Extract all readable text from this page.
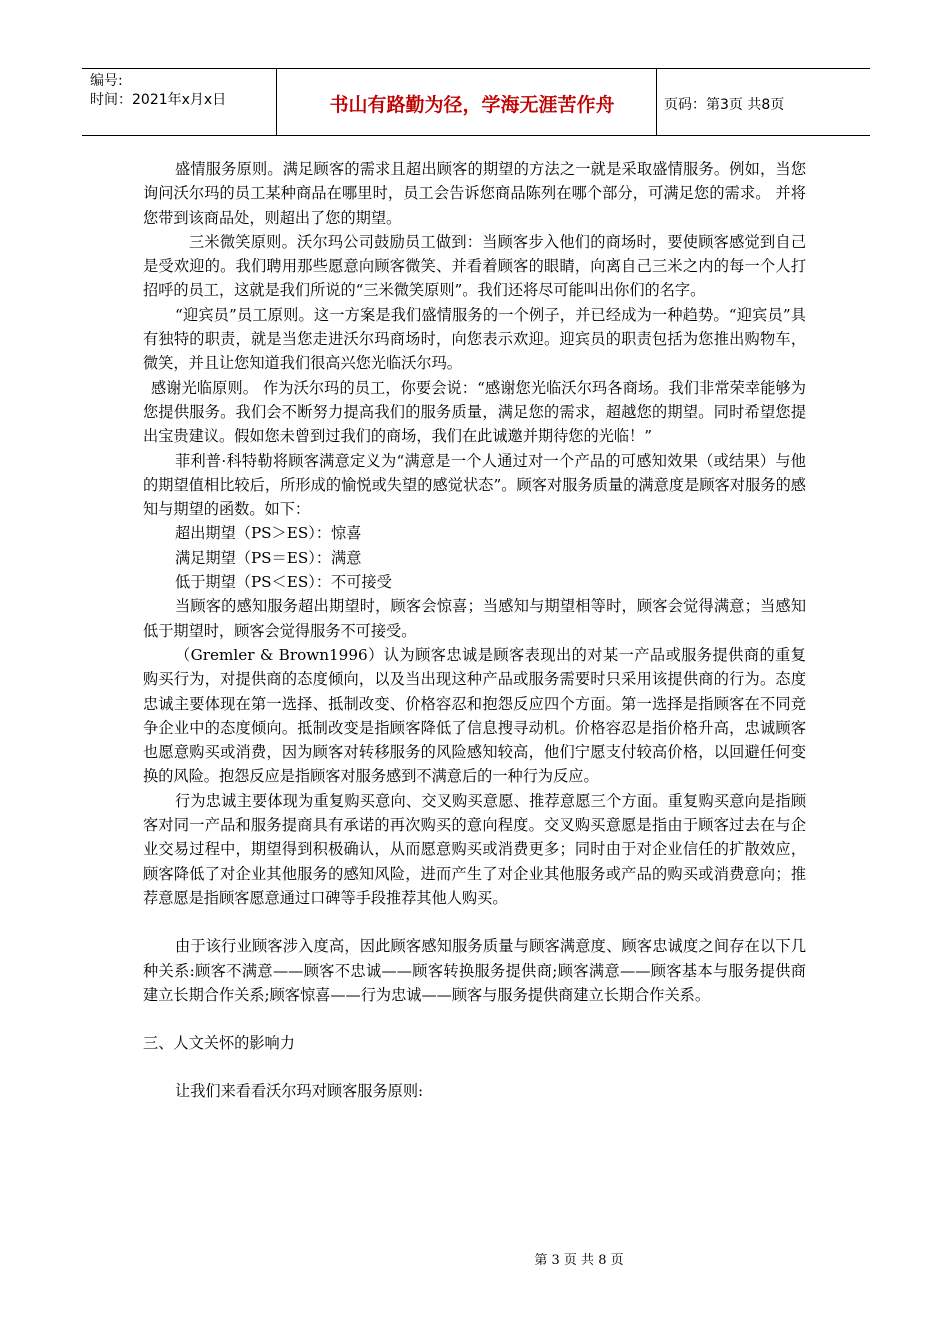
编号:
时间：2021年x月x日	书山有路勤为径，学海无涯苦作舟	页码：第3页 共8页

盛情服务原则。满足顾客的需求且超出顾客的期望的方法之一就是采取盛情服务。例如，当您询问沃尔玛的员工某种商品在哪里时，员工会告诉您商品陈列在哪个部分，可满足您的需求。 并将您带到该商品处，则超出了您的期望。

三米微笑原则。沃尔玛公司鼓励员工做到：当顾客步入他们的商场时，要使顾客感觉到自己是受欢迎的。我们聘用那些愿意向顾客微笑、并看着顾客的眼睛，向离自己三米之内的每一个人打招呼的员工，这就是我们所说的“三米微笑原则”。我们还将尽可能叫出你们的名字。

“迎宾员”员工原则。这一方案是我们盛情服务的一个例子，并已经成为一种趋势。“迎宾员”具有独特的职责，就是当您走进沃尔玛商场时，向您表示欢迎。迎宾员的职责包括为您推出购物车，微笑，并且让您知道我们很高兴您光临沃尔玛。

感谢光临原则。 作为沃尔玛的员工，你要会说：“感谢您光临沃尔玛各商场。我们非常荣幸能够为您提供服务。我们会不断努力提高我们的服务质量，满足您的需求，超越您的期望。同时希望您提出宝贵建议。假如您未曾到过我们的商场，我们在此诚邀并期待您的光临！”

菲利普·科特勒将顾客满意定义为“满意是一个人通过对一个产品的可感知效果（或结果）与他的期望值相比较后，所形成的愉悦或失望的感觉状态”。顾客对服务质量的满意度是顾客对服务的感知与期望的函数。如下：

超出期望（PS＞ES）：惊喜

满足期望（PS＝ES）：满意

低于期望（PS＜ES）：不可接受

当顾客的感知服务超出期望时，顾客会惊喜；当感知与期望相等时，顾客会觉得满意；当感知低于期望时，顾客会觉得服务不可接受。

（Gremler & Brown1996）认为顾客忠诚是顾客表现出的对某一产品或服务提供商的重复购买行为，对提供商的态度倾向，以及当出现这种产品或服务需要时只采用该提供商的行为。态度忠诚主要体现在第一选择、抵制改变、价格容忍和抱怨反应四个方面。第一选择是指顾客在不同竞争企业中的态度倾向。抵制改变是指顾客降低了信息搜寻动机。价格容忍是指价格升高，忠诚顾客也愿意购买或消费，因为顾客对转移服务的风险感知较高，他们宁愿支付较高价格，以回避任何变换的风险。抱怨反应是指顾客对服务感到不满意后的一种行为反应。

行为忠诚主要体现为重复购买意向、交叉购买意愿、推荐意愿三个方面。重复购买意向是指顾客对同一产品和服务提商具有承诺的再次购买的意向程度。交叉购买意愿是指由于顾客过去在与企业交易过程中，期望得到积极确认，从而愿意购买或消费更多；同时由于对企业信任的扩散效应，顾客降低了对企业其他服务的感知风险，进而产生了对企业其他服务或产品的购买或消费意向；推荐意愿是指顾客愿意通过口碑等手段推荐其他人购买。

由于该行业顾客涉入度高，因此顾客感知服务质量与顾客满意度、顾客忠诚度之间存在以下几种关系:顾客不满意——顾客不忠诚——顾客转换服务提供商;顾客满意——顾客基本与服务提供商建立长期合作关系;顾客惊喜——行为忠诚——顾客与服务提供商建立长期合作关系。

三、人文关怀的影响力

让我们来看看沃尔玛对顾客服务原则:

第 3 页 共 8 页
